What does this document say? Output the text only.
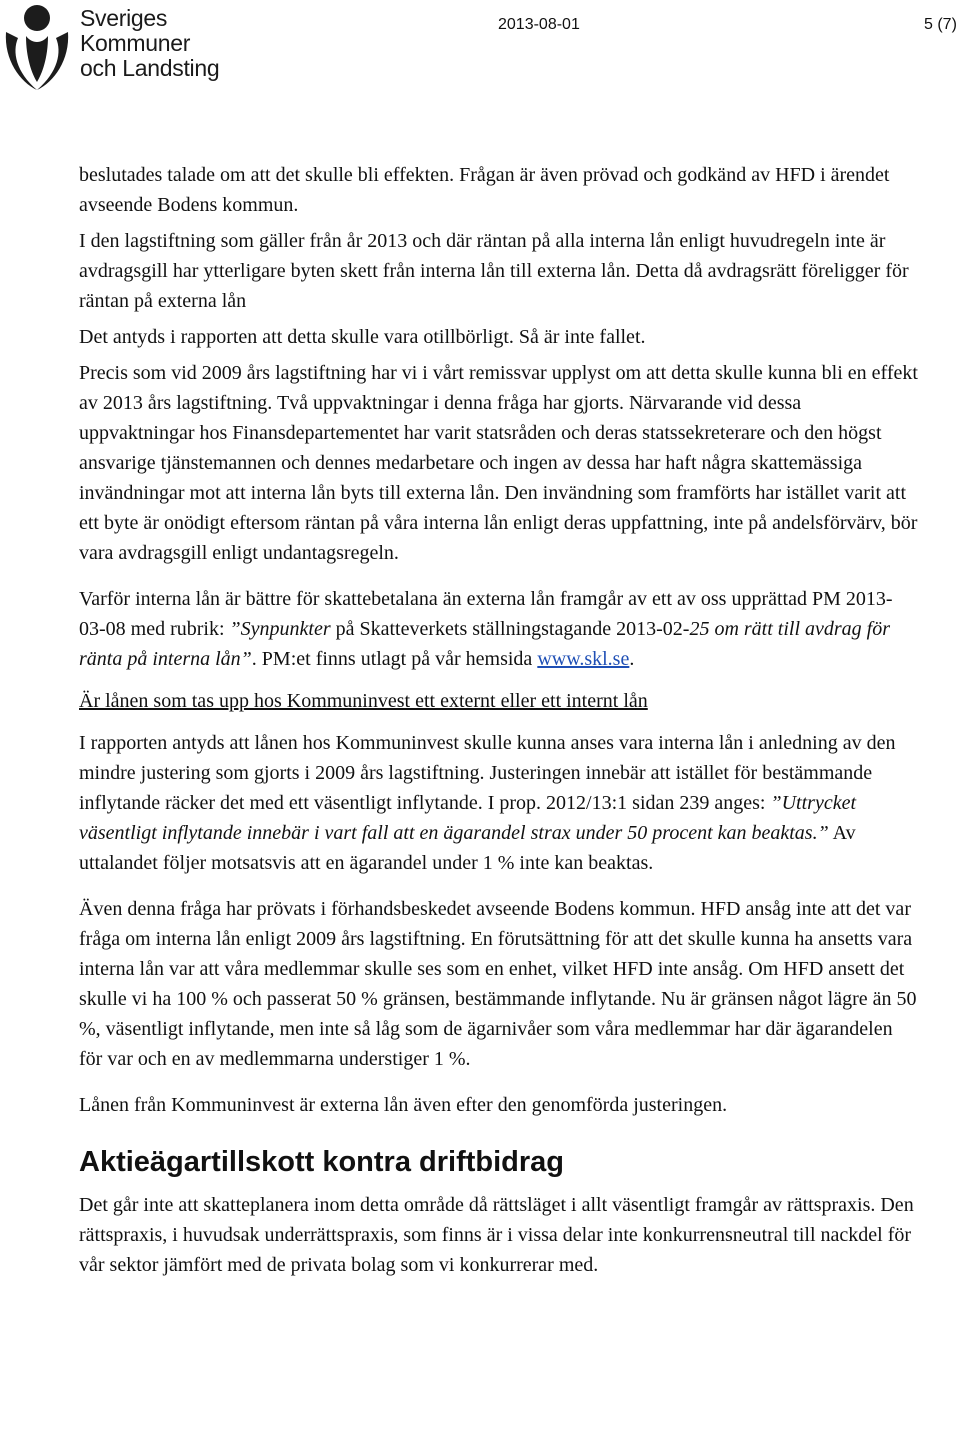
Sveriges
Kommuner
och Landsting
2013-08-01	5 (7)

beslutades talade om att det skulle bli effekten. Frågan är även prövad och godkänd av HFD i ärendet avseende Bodens kommun.

I den lagstiftning som gäller från år 2013 och där räntan på alla interna lån enligt huvudregeln inte är avdragsgill har ytterligare byten skett från interna lån till externa lån. Detta då avdragsrätt föreligger för räntan på externa lån

Det antyds i rapporten att detta skulle vara otillbörligt. Så är inte fallet.

Precis som vid 2009 års lagstiftning har vi i vårt remissvar upplyst om att detta skulle kunna bli en effekt av 2013 års lagstiftning. Två uppvaktningar i denna fråga har gjorts. Närvarande vid dessa uppvaktningar hos Finansdepartementet har varit statsråden och deras statssekreterare och den högst ansvarige tjänstemannen och dennes medarbetare och ingen av dessa har haft några skattemässiga invändningar mot att interna lån byts till externa lån. Den invändning som framförts har istället varit att ett byte är onödigt eftersom räntan på våra interna lån enligt deras uppfattning, inte på andelsförvärv, bör vara avdragsgill enligt undantagsregeln.

Varför interna lån är bättre för skattebetalana än externa lån framgår av ett av oss upprättad PM 2013-03-08 med rubrik: ”Synpunkter på Skatteverkets ställningstagande 2013-02-25 om rätt till avdrag för ränta på interna lån”. PM:et finns utlagt på vår hemsida www.skl.se.

Är lånen som tas upp hos Kommuninvest ett externt eller ett internt lån

I rapporten antyds att lånen hos Kommuninvest skulle kunna anses vara interna lån i anledning av den mindre justering som gjorts i 2009 års lagstiftning. Justeringen innebär att istället för bestämmande inflytande räcker det med ett väsentligt inflytande. I prop. 2012/13:1 sidan 239 anges: ”Uttrycket väsentligt inflytande innebär i vart fall att en ägarandel strax under 50 procent kan beaktas.” Av uttalandet följer motsatsvis att en ägarandel under 1 % inte kan beaktas.

Även denna fråga har prövats i förhandsbeskedet avseende Bodens kommun. HFD ansåg inte att det var fråga om interna lån enligt 2009 års lagstiftning. En förutsättning för att det skulle kunna ha ansetts vara interna lån var att våra medlemmar skulle ses som en enhet, vilket HFD inte ansåg. Om HFD ansett det skulle vi ha 100 % och passerat 50 % gränsen, bestämmande inflytande. Nu är gränsen något lägre än 50 %, väsentligt inflytande, men inte så låg som de ägarnivåer som våra medlemmar har där ägarandelen för var och en av medlemmarna understiger 1 %.

Lånen från Kommuninvest är externa lån även efter den genomförda justeringen.

Aktieägartillskott kontra driftbidrag

Det går inte att skatteplanera inom detta område då rättsläget i allt väsentligt framgår av rättspraxis. Den rättspraxis, i huvudsak underrättspraxis, som finns är i vissa delar inte konkurrensneutral till nackdel för vår sektor jämfört med de privata bolag som vi konkurrerar med.
